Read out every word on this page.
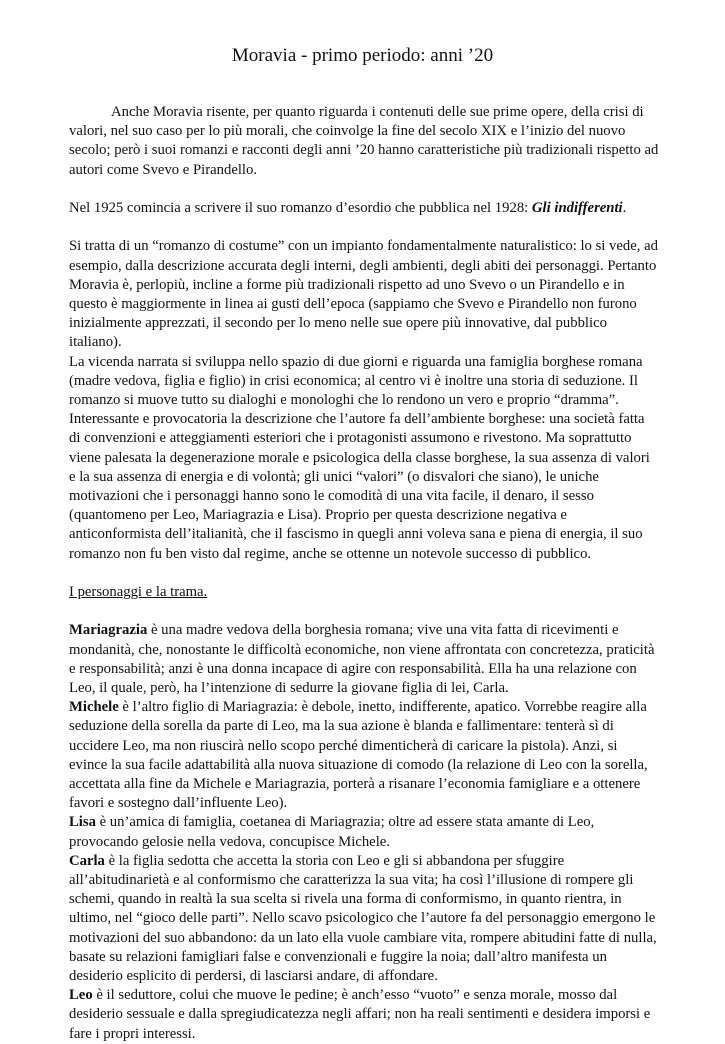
Moravia - primo periodo: anni ’20

Anche Moravia risente, per quanto riguarda i contenuti delle sue prime opere, della crisi di valori, nel suo caso per lo più morali, che coinvolge la fine del secolo XIX e l’inizio del nuovo secolo; però i suoi romanzi e racconti degli anni ’20 hanno caratteristiche più tradizionali rispetto ad autori come Svevo e Pirandello.

Nel 1925 comincia a scrivere il suo romanzo d’esordio che pubblica nel 1928: Gli indifferenti.

Si tratta di un “romanzo di costume” con un impianto fondamentalmente naturalistico: lo si vede, ad esempio, dalla descrizione accurata degli interni, degli ambienti, degli abiti dei personaggi. Pertanto Moravia è, perlopiù, incline a forme più tradizionali rispetto ad uno Svevo o un Pirandello e in questo è maggiormente in linea ai gusti dell’epoca (sappiamo che Svevo e Pirandello non furono inizialmente apprezzati, il secondo per lo meno nelle sue opere più innovative, dal pubblico italiano).

La vicenda narrata si sviluppa nello spazio di due giorni e riguarda una famiglia borghese romana (madre vedova, figlia e figlio) in crisi economica; al centro vi è inoltre una storia di seduzione. Il romanzo si muove tutto su dialoghi e monologhi che lo rendono un vero e proprio “dramma”. Interessante e provocatoria la descrizione che l’autore fa dell’ambiente borghese: una società fatta di convenzioni e atteggiamenti esteriori che i protagonisti assumono e rivestono. Ma soprattutto viene palesata la degenerazione morale e psicologica della classe borghese, la sua assenza di valori e la sua assenza di energia e di volontà; gli unici “valori” (o disvalori che siano), le uniche motivazioni che i personaggi hanno sono le comodità di una vita facile, il denaro, il sesso (quantomeno per Leo, Mariagrazia e Lisa). Proprio per questa descrizione negativa e anticonformista dell’italianità, che il fascismo in quegli anni voleva sana e piena di energia, il suo romanzo non fu ben visto dal regime, anche se ottenne un notevole successo di pubblico.

I personaggi e la trama.

Mariagrazia è una madre vedova della borghesia romana; vive una vita fatta di ricevimenti e mondanità, che, nonostante le difficoltà economiche, non viene affrontata con concretezza, praticità e responsabilità; anzi è una donna incapace di agire con responsabilità. Ella ha una relazione con Leo, il quale, però, ha l’intenzione di sedurre la giovane figlia di lei, Carla.

Michele è l’altro figlio di Mariagrazia: è debole, inetto, indifferente, apatico. Vorrebbe reagire alla seduzione della sorella da parte di Leo, ma la sua azione è blanda e fallimentare: tenterà sì di uccidere Leo, ma non riuscirà nello scopo perché dimenticherà di caricare la pistola). Anzi, si evince la sua facile adattabilità alla nuova situazione di comodo (la relazione di Leo con la sorella, accettata alla fine da Michele e Mariagrazia, porterà a risanare l’economia famigliare e a ottenere favori e sostegno dall’influente Leo).

Lisa è un’amica di famiglia, coetanea di Mariagrazia; oltre ad essere stata amante di Leo, provocando gelosie nella vedova, concupisce Michele.

Carla è la figlia sedotta che accetta la storia con Leo e gli si abbandona per sfuggire all’abitudinarietà e al conformismo che caratterizza la sua vita; ha così l’illusione di rompere gli schemi, quando in realtà la sua scelta si rivela una forma di conformismo, in quanto rientra, in ultimo, nel “gioco delle parti”. Nello scavo psicologico che l’autore fa del personaggio emergono le motivazioni del suo abbandono: da un lato ella vuole cambiare vita, rompere abitudini fatte di nulla, basate su relazioni famigliari false e convenzionali e fuggire la noia; dall’altro manifesta un desiderio esplicito di perdersi, di lasciarsi andare, di affondare.

Leo è il seduttore, colui che muove le pedine; è anch’esso “vuoto” e senza morale, mosso dal desiderio sessuale e dalla spregiudicatezza negli affari; non ha reali sentimenti e desidera imporsi e fare i propri interessi.
